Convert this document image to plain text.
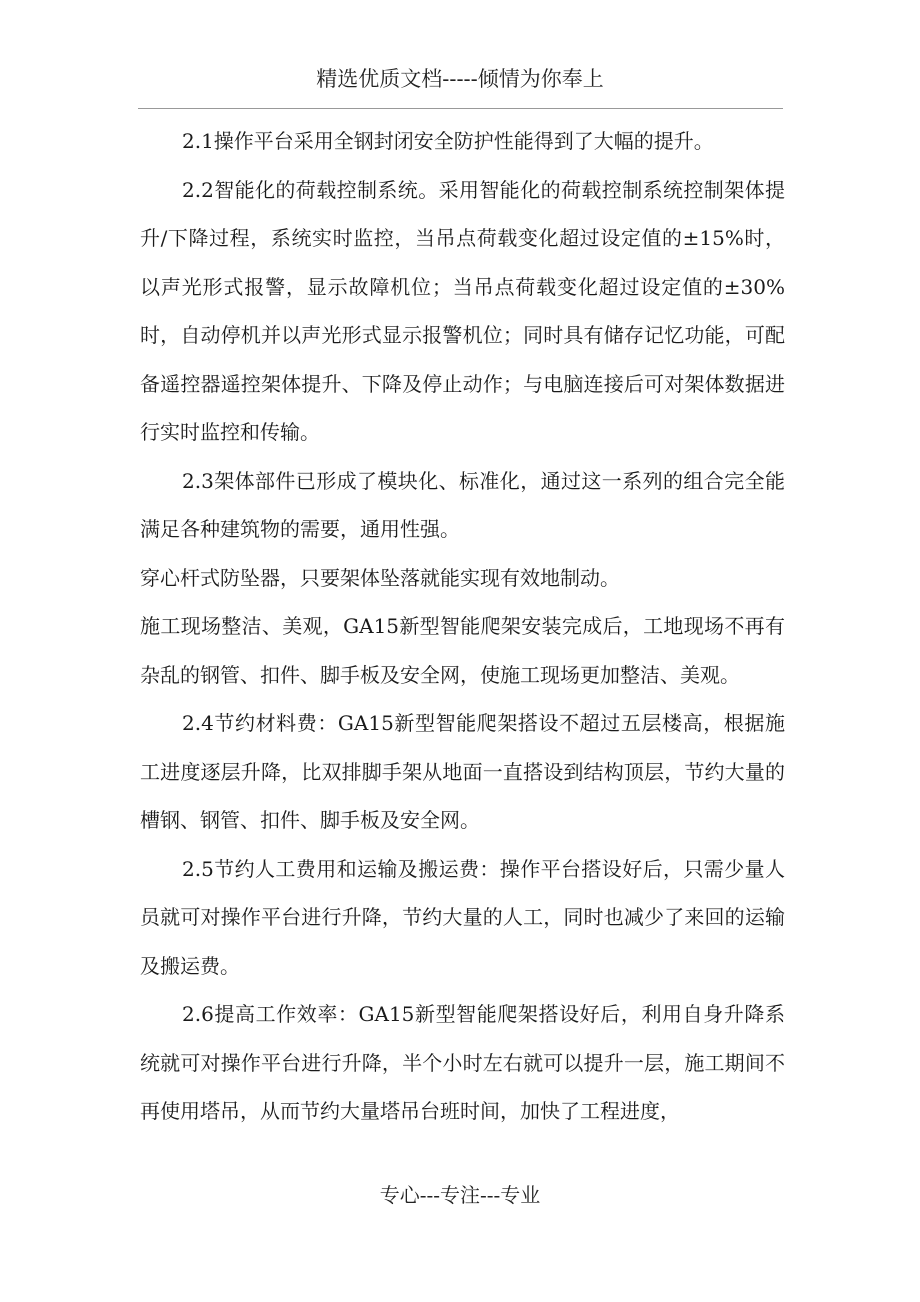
精选优质文档-----倾情为你奉上

2.1操作平台采用全钢封闭安全防护性能得到了大幅的提升。

2.2智能化的荷载控制系统。采用智能化的荷载控制系统控制架体提升/下降过程，系统实时监控，当吊点荷载变化超过设定值的±15%时，以声光形式报警，显示故障机位；当吊点荷载变化超过设定值的±30%时，自动停机并以声光形式显示报警机位；同时具有储存记忆功能，可配备遥控器遥控架体提升、下降及停止动作；与电脑连接后可对架体数据进行实时监控和传输。

2.3架体部件已形成了模块化、标准化，通过这一系列的组合完全能满足各种建筑物的需要，通用性强。

穿心杆式防坠器，只要架体坠落就能实现有效地制动。

施工现场整洁、美观，GA15新型智能爬架安装完成后，工地现场不再有杂乱的钢管、扣件、脚手板及安全网，使施工现场更加整洁、美观。

2.4节约材料费：GA15新型智能爬架搭设不超过五层楼高，根据施工进度逐层升降，比双排脚手架从地面一直搭设到结构顶层，节约大量的槽钢、钢管、扣件、脚手板及安全网。

2.5节约人工费用和运输及搬运费：操作平台搭设好后，只需少量人员就可对操作平台进行升降，节约大量的人工，同时也减少了来回的运输及搬运费。

2.6提高工作效率：GA15新型智能爬架搭设好后，利用自身升降系统就可对操作平台进行升降，半个小时左右就可以提升一层，施工期间不再使用塔吊，从而节约大量塔吊台班时间，加快了工程进度，

专心---专注---专业
